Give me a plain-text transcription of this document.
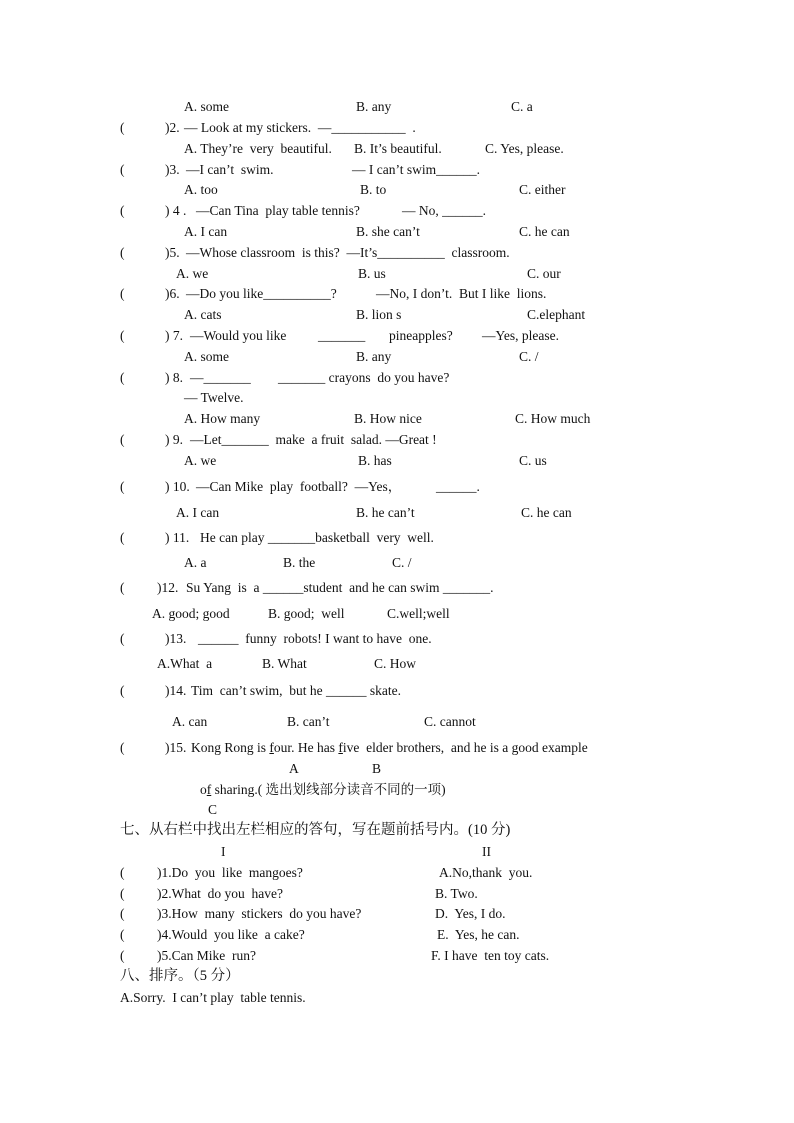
A. some	B. any	C. a
(	)2. — Look at my stickers.  —___________  .
A. They’re  very  beautiful. B. It’s beautiful.	C. Yes, please.
(	)3. —I can’t  swim.	— I can’t swim______.
A. too	B. to	C. either
(	) 4 . —Can Tina  play table tennis?	— No, ______.
A. I can	B. she can’t	C. he can
(	)5. —Whose classroom  is this?  —It’s__________  classroom.
A. we	B. us	C. our
(	)6. —Do you like__________?	—No, I don’t.  But I like  lions.
A. cats	B. lion s	C.elephant
(	) 7. —Would you like _______ pineapples? —Yes, please.
A. some	B. any	C. /
(	) 8. —_______ _______ crayons  do you have?
— Twelve.
A. How many	B. How nice	C. How much
(	) 9. —Let_______  make  a fruit  salad. —Great !
A. we	B. has	C. us
(	) 10. —Can Mike  play  football?  —Yes，	______.
A. I can	B. he can’t	C. he can
(	) 11. He can play _______basketball  very  well.
A. a	B. the	C. /
( )12. Su Yang  is  a ______student  and he can swim _______.
A. good; good	B. good;  well	C.well;well
(	)13. ______  funny  robots! I want to have  one.
A.What  a	B. What	C. How
(	)14. Tim  can’t swim,  but he ______ skate.
A. can	B. can’t	C. cannot
(	)15. Kong Rong is four. He has five  elder brothers,  and he is a good example
A	B
of sharing.( 选出划线部分读音不同的一项)
C
七、从右栏中找出左栏相应的答句，写在题前括号内。(10 分)
I	II
( )1.Do  you  like  mangoes?	A.No,thank  you.
( )2.What  do you  have?	B. Two.
( )3.How  many  stickers  do you have?	D.  Yes, I do.
( )4.Would  you like  a cake?	E.  Yes, he can.
( )5.Can Mike  run?	F. I have  ten toy cats.
八、排序。（5 分）
A.Sorry.  I can’t play  table tennis.
